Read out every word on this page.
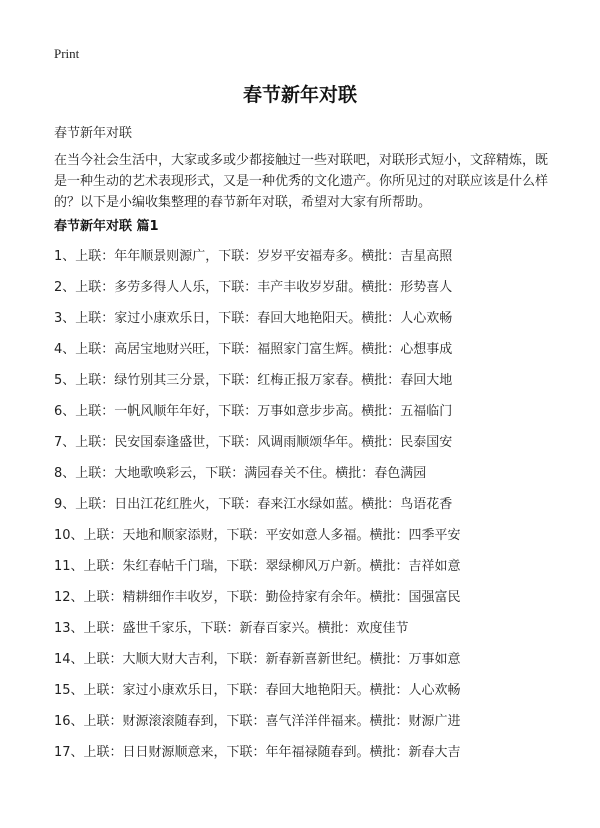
Print
春节新年对联
春节新年对联
在当今社会生活中，大家或多或少都接触过一些对联吧，对联形式短小，文辞精炼，既是一种生动的艺术表现形式，又是一种优秀的文化遗产。你所见过的对联应该是什么样的？以下是小编收集整理的春节新年对联，希望对大家有所帮助。
春节新年对联 篇1
1、上联：年年顺景则源广，下联：岁岁平安福寿多。横批：吉星高照
2、上联：多劳多得人人乐，下联：丰产丰收岁岁甜。横批：形势喜人
3、上联：家过小康欢乐日，下联：春回大地艳阳天。横批：人心欢畅
4、上联：高居宝地财兴旺，下联：福照家门富生辉。横批：心想事成
5、上联：绿竹别其三分景，下联：红梅正报万家春。横批：春回大地
6、上联：一帆风顺年年好，下联：万事如意步步高。横批：五福临门
7、上联：民安国泰逢盛世，下联：风调雨顺颂华年。横批：民泰国安
8、上联：大地歌唤彩云，下联：满园春关不住。横批：春色满园
9、上联：日出江花红胜火，下联：春来江水绿如蓝。横批：鸟语花香
10、上联：天地和顺家添财，下联：平安如意人多福。横批：四季平安
11、上联：朱红春帖千门瑞，下联：翠绿柳风万户新。横批：吉祥如意
12、上联：精耕细作丰收岁，下联：勤俭持家有余年。横批：国强富民
13、上联：盛世千家乐，下联：新春百家兴。横批：欢度佳节
14、上联：大顺大财大吉利，下联：新春新喜新世纪。横批：万事如意
15、上联：家过小康欢乐日，下联：春回大地艳阳天。横批：人心欢畅
16、上联：财源滚滚随春到，下联：喜气洋洋伴福来。横批：财源广进
17、上联：日日财源顺意来，下联：年年福禄随春到。横批：新春大吉
